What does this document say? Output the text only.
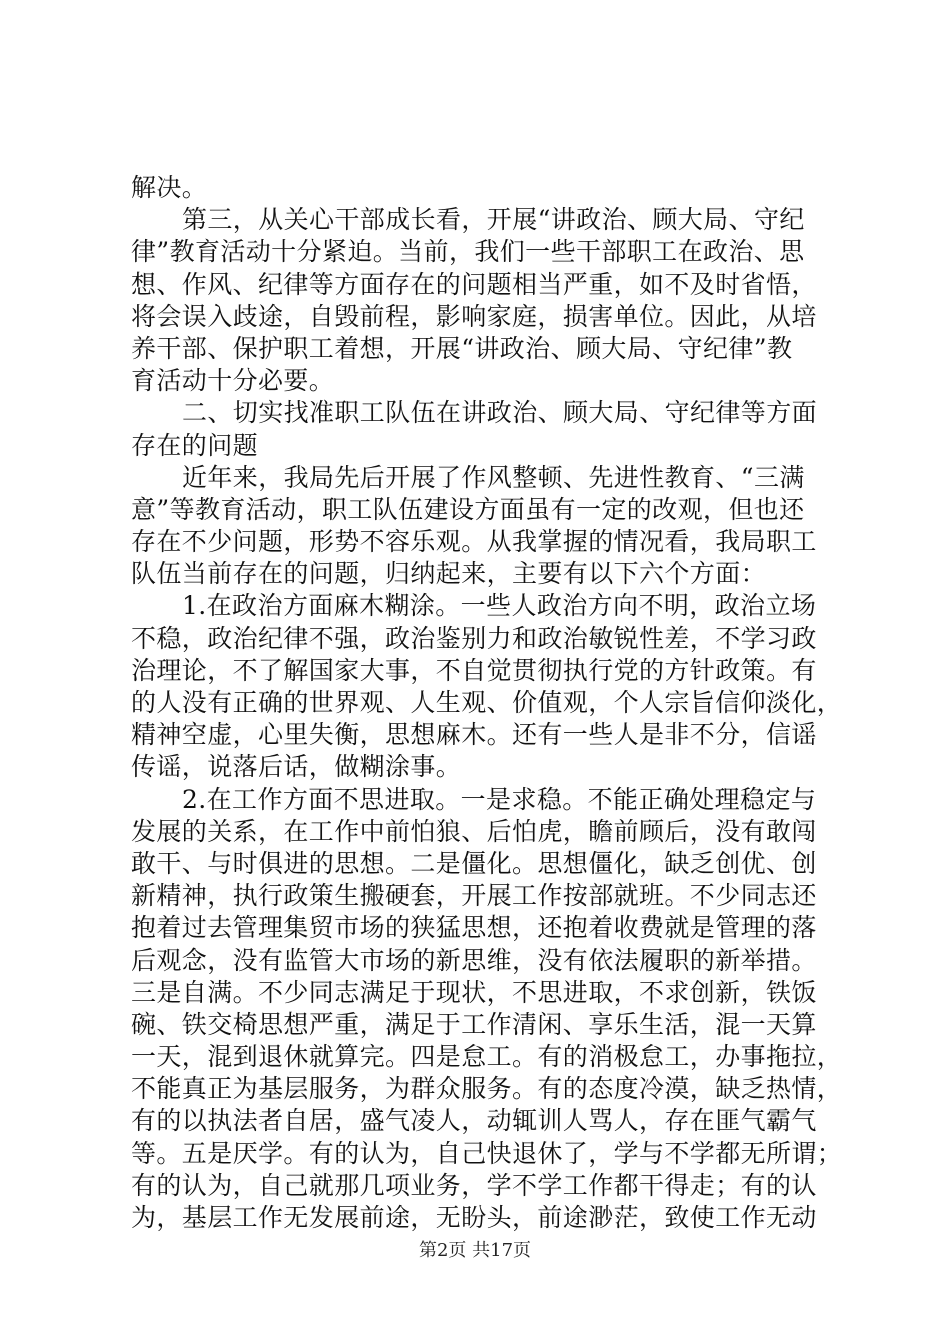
解决。
第三，从关心干部成长看，开展“讲政治、顾大局、守纪
律”教育活动十分紧迫。当前，我们一些干部职工在政治、思
想、作风、纪律等方面存在的问题相当严重，如不及时省悟，
将会误入歧途，自毁前程，影响家庭，损害单位。因此，从培
养干部、保护职工着想，开展“讲政治、顾大局、守纪律”教
育活动十分必要。
二、切实找准职工队伍在讲政治、顾大局、守纪律等方面
存在的问题
近年来，我局先后开展了作风整顿、先进性教育、“三满
意”等教育活动，职工队伍建设方面虽有一定的改观，但也还
存在不少问题，形势不容乐观。从我掌握的情况看，我局职工
队伍当前存在的问题，归纳起来，主要有以下六个方面：
1.在政治方面麻木糊涂。一些人政治方向不明，政治立场
不稳，政治纪律不强，政治鉴别力和政治敏锐性差，不学习政
治理论，不了解国家大事，不自觉贯彻执行党的方针政策。有
的人没有正确的世界观、人生观、价值观，个人宗旨信仰淡化，
精神空虚，心里失衡，思想麻木。还有一些人是非不分，信谣
传谣，说落后话，做糊涂事。
2.在工作方面不思进取。一是求稳。不能正确处理稳定与
发展的关系，在工作中前怕狼、后怕虎，瞻前顾后，没有敢闯
敢干、与时俱进的思想。二是僵化。思想僵化，缺乏创优、创
新精神，执行政策生搬硬套，开展工作按部就班。不少同志还
抱着过去管理集贸市场的狭猛思想，还抱着收费就是管理的落
后观念，没有监管大市场的新思维，没有依法履职的新举措。
三是自满。不少同志满足于现状，不思进取，不求创新，铁饭
碗、铁交椅思想严重，满足于工作清闲、享乐生活，混一天算
一天，混到退休就算完。四是怠工。有的消极怠工，办事拖拉，
不能真正为基层服务，为群众服务。有的态度冷漠，缺乏热情，
有的以执法者自居，盛气凌人，动辄训人骂人，存在匪气霸气
等。五是厌学。有的认为，自己快退休了，学与不学都无所谓；
有的认为，自己就那几项业务，学不学工作都干得走；有的认
为，基层工作无发展前途，无盼头，前途渺茫，致使工作无动
第2页 共17页
